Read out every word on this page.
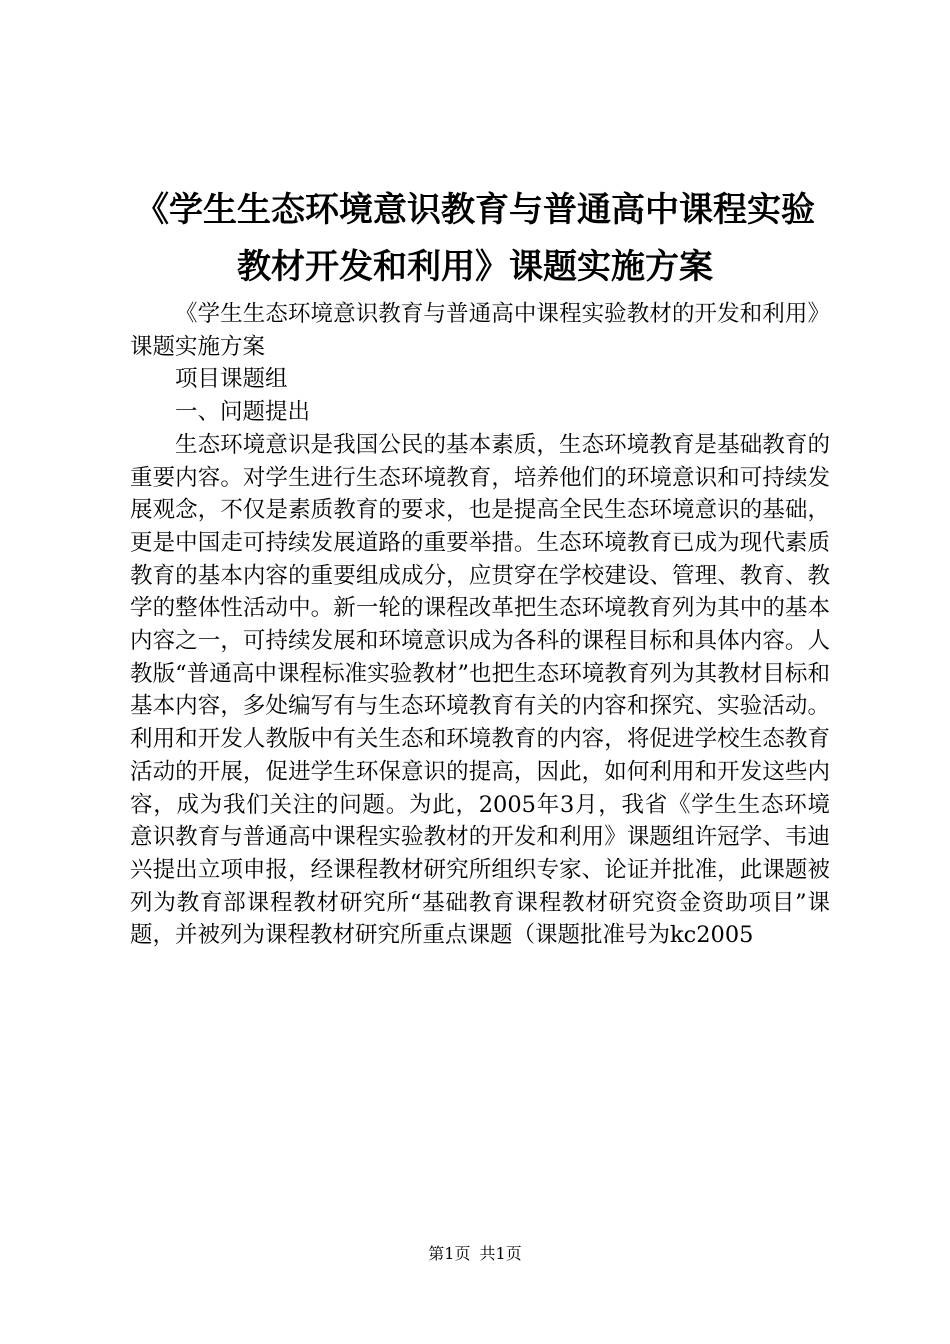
《学生生态环境意识教育与普通高中课程实验
教材开发和利用》课题实施方案

《学生生态环境意识教育与普通高中课程实验教材的开发和利用》课题实施方案

项目课题组

一、问题提出

生态环境意识是我国公民的基本素质，生态环境教育是基础教育的重要内容。对学生进行生态环境教育，培养他们的环境意识和可持续发展观念，不仅是素质教育的要求，也是提高全民生态环境意识的基础，更是中国走可持续发展道路的重要举措。生态环境教育已成为现代素质教育的基本内容的重要组成成分，应贯穿在学校建设、管理、教育、教学的整体性活动中。新一轮的课程改革把生态环境教育列为其中的基本内容之一，可持续发展和环境意识成为各科的课程目标和具体内容。人教版“普通高中课程标准实验教材”也把生态环境教育列为其教材目标和基本内容，多处编写有与生态环境教育有关的内容和探究、实验活动。利用和开发人教版中有关生态和环境教育的内容，将促进学校生态教育活动的开展，促进学生环保意识的提高，因此，如何利用和开发这些内容，成为我们关注的问题。为此，2005年3月，我省《学生生态环境意识教育与普通高中课程实验教材的开发和利用》课题组许冠学、韦迪兴提出立项申报，经课程教材研究所组织专家、论证并批准，此课题被列为教育部课程教材研究所“基础教育课程教材研究资金资助项目”课题，并被列为课程教材研究所重点课题（课题批准号为kc2005

第1页 共1页
